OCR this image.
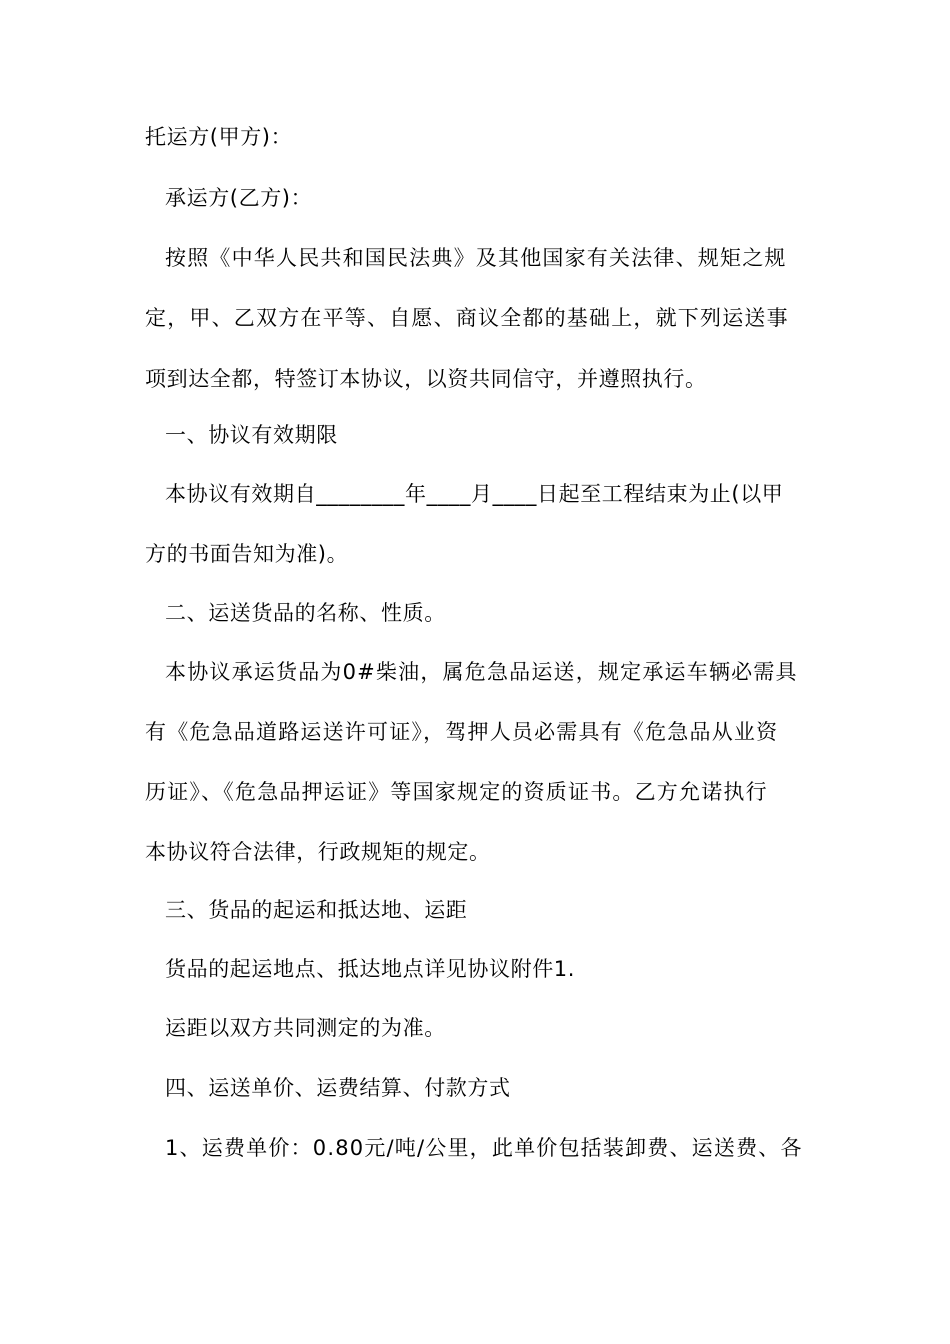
托运方(甲方)：
承运方(乙方)：
按照《中华人民共和国民法典》及其他国家有关法律、规矩之规
定，甲、乙双方在平等、自愿、商议全都的基础上，就下列运送事
项到达全都，特签订本协议，以资共同信守，并遵照执行。
一、协议有效期限
本协议有效期自________年____月____日起至工程结束为止(以甲
方的书面告知为准)。
二、运送货品的名称、性质。
本协议承运货品为0#柴油，属危急品运送，规定承运车辆必需具
有《危急品道路运送许可证》，驾押人员必需具有《危急品从业资
历证》、《危急品押运证》等国家规定的资质证书。乙方允诺执行
本协议符合法律，行政规矩的规定。
三、货品的起运和抵达地、运距
货品的起运地点、抵达地点详见协议附件1.
运距以双方共同测定的为准。
四、运送单价、运费结算、付款方式
1、运费单价：0.80元/吨/公里，此单价包括装卸费、运送费、各
